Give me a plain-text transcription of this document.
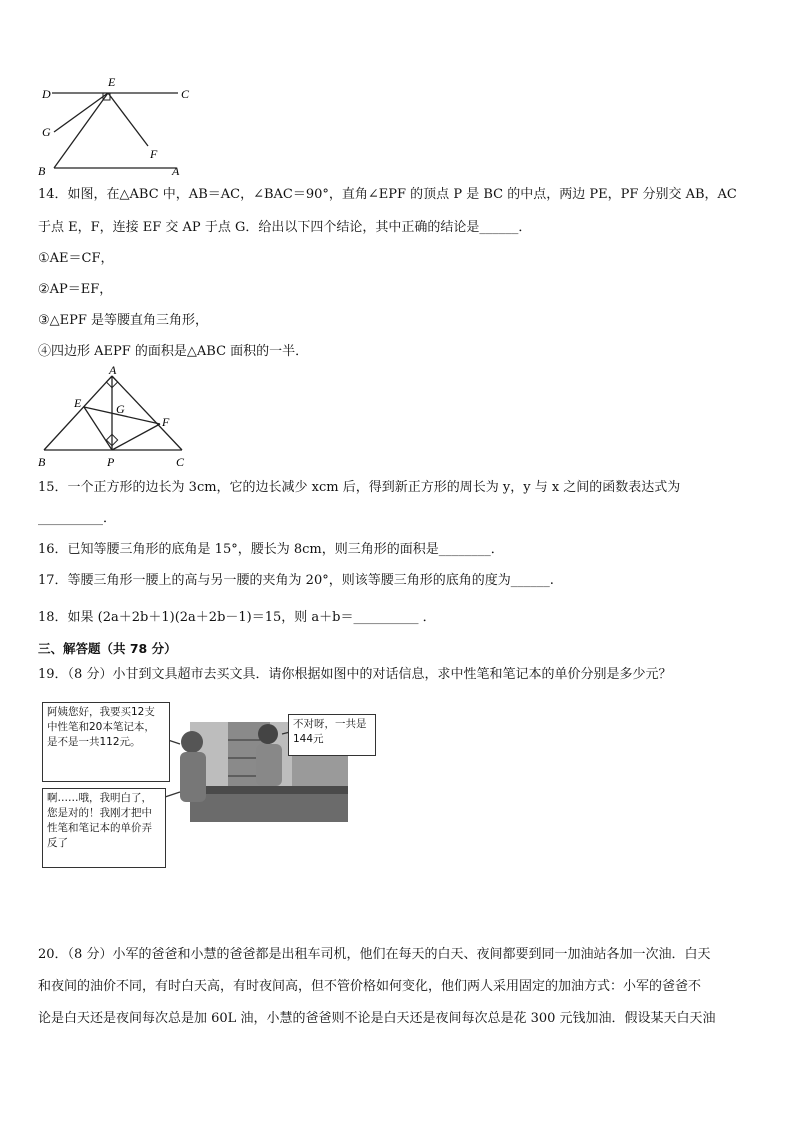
D
E
C
G
F
B	A
14．如图，在△ABC 中，AB＝AC，∠BAC＝90°，直角∠EPF 的顶点 P 是 BC 的中点，两边 PE，PF 分别交 AB，AC
于点 E，F，连接 EF 交 AP 于点 G．给出以下四个结论，其中正确的结论是______．
①AE＝CF，
②AP＝EF，
③△EPF 是等腰直角三角形，
④四边形 AEPF 的面积是△ABC 面积的一半．
A
E	G
F
B	P	C
15．一个正方形的边长为 3cm，它的边长减少 xcm 后，得到新正方形的周长为 y，y 与 x 之间的函数表达式为
__________．
16．已知等腰三角形的底角是 15°，腰长为 8cm，则三角形的面积是________．
17．等腰三角形一腰上的高与另一腰的夹角为 20°，则该等腰三角形的底角的度为______.
18．如果 (2a＋2b＋1)(2a＋2b－1)＝15，则 a＋b＝__________ ．
三、解答题（共 78 分）
19．（8 分）小甘到文具超市去买文具．请你根据如图中的对话信息，求中性笔和笔记本的单价分别是多少元？
阿姨您好，我要买12支中性笔和20本笔记本，是不是一共112元。
不对呀，一共是144元
啊……哦，我明白了，您是对的！我刚才把中性笔和笔记本的单价弄反了
20．（8 分）小军的爸爸和小慧的爸爸都是出租车司机，他们在每天的白天、夜间都要到同一加油站各加一次油．白天
和夜间的油价不同，有时白天高，有时夜间高，但不管价格如何变化，他们两人采用固定的加油方式：小军的爸爸不
论是白天还是夜间每次总是加 60L 油，小慧的爸爸则不论是白天还是夜间每次总是花 300 元钱加油．假设某天白天油
